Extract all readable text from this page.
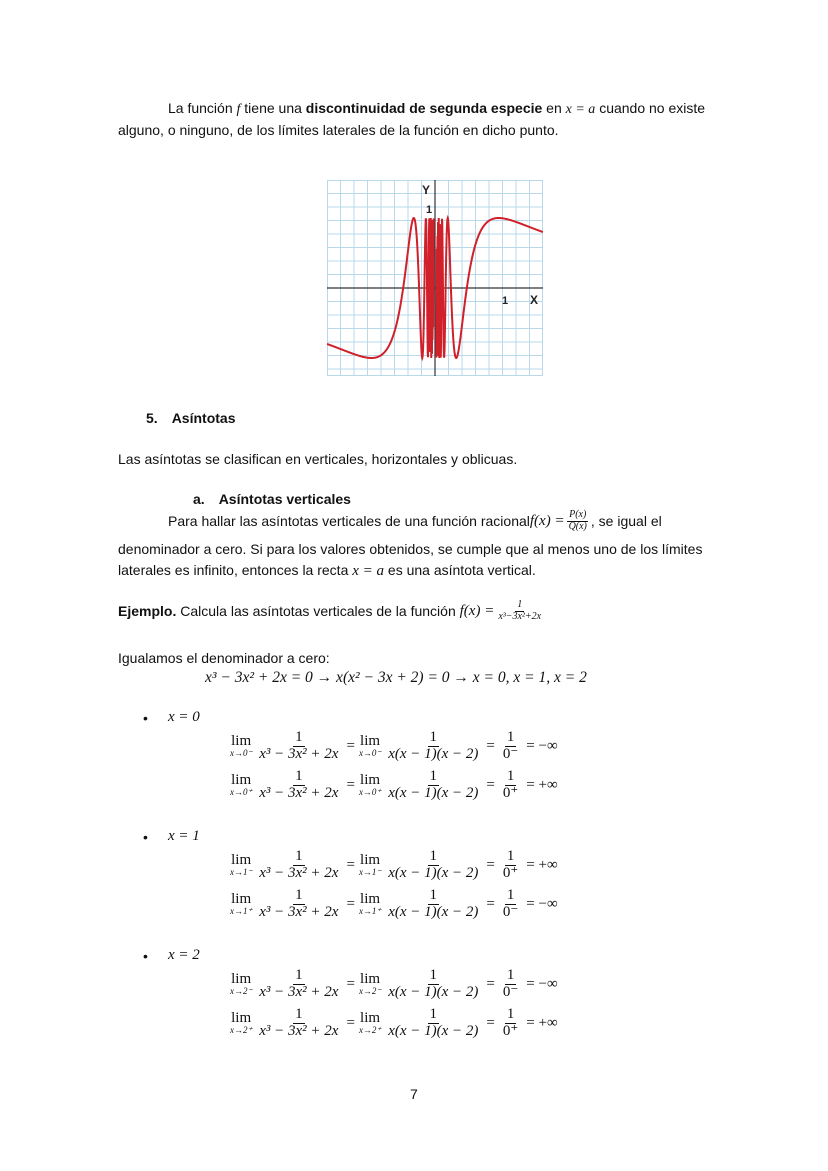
La función f tiene una discontinuidad de segunda especie en x = a cuando no existe
alguno, o ninguno, de los límites laterales de la función en dicho punto.
Y
1
X
1
5. Asíntotas
Las asíntotas se clasifican en verticales, horizontales y oblicuas.
a. Asíntotas verticales
Para hallar las asíntotas verticales de una función racional $f(x) = \frac{P(x)}{Q(x)}$ , se igual el
denominador a cero. Si para los valores obtenidos, se cumple que al menos uno de los límites
laterales es infinito, entonces la recta x = a es una asíntota vertical.
Ejemplo. Calcula las asíntotas verticales de la función $f(x) = \frac{1}{\text{x³−3x²+2x}}$
Igualamos el denominador a cero:
x³ − 3x² + 2x = 0 → x(x² − 3x + 2) = 0 → x = 0, x = 1, x = 2
• x = 0
lim
$x\to 0^- \frac{1}{\text{x³ − 3x² + 2x}} = \lim$
$x\to 0^- \frac{1}{x(x - 1)(x - 2)} = \frac{1}{0^-}$ = −∞
lim
$x\to 0^+ \frac{1}{\text{x³ − 3x² + 2x}} = \lim$
$x\to 0^+ \frac{1}{x(x - 1)(x - 2)} = \frac{1}{0^+}$ = +∞
• x = 1
lim
$x\to 1^- \frac{1}{\text{x³ − 3x² + 2x}} = \lim$
$x\to 1^- \frac{1}{x(x - 1)(x - 2)} = \frac{1}{0^+}$ = +∞
lim
$x\to 1^+ \frac{1}{\text{x³ − 3x² + 2x}} = \lim$
$x\to 1^+ \frac{1}{x(x - 1)(x - 2)} = \frac{1}{0^-}$ = −∞
• x = 2
lim
$x\to 2^- \frac{1}{\text{x³ − 3x² + 2x}} = \lim$
$x\to 2^- \frac{1}{x(x - 1)(x - 2)} = \frac{1}{0^-}$ = −∞
lim
$x\to 2^+ \frac{1}{\text{x³ − 3x² + 2x}} = \lim$
$x\to 2^+ \frac{1}{x(x - 1)(x - 2)} = \frac{1}{0^+}$ = +∞
7
